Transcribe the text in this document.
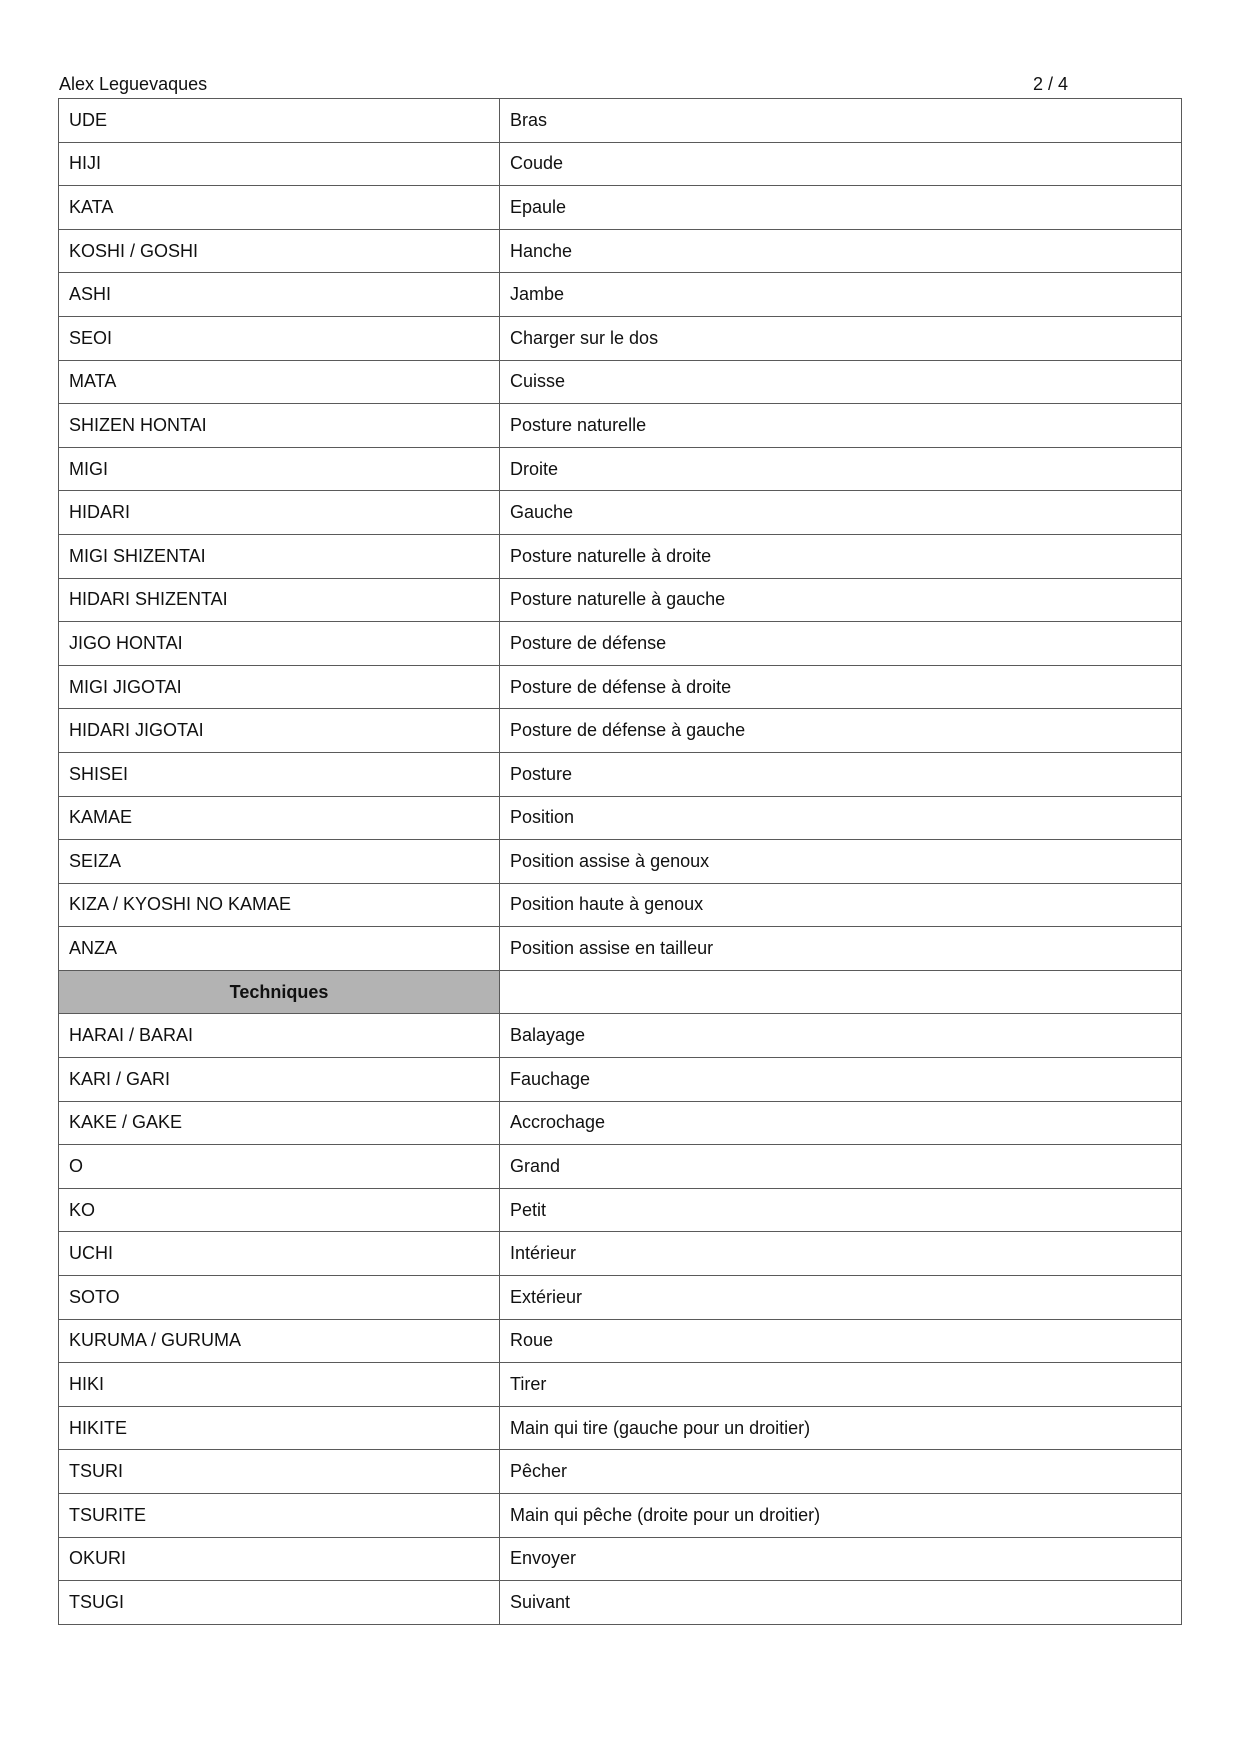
Alex Leguevaques	2 / 4
UDE	Bras
HIJI	Coude
KATA	Epaule
KOSHI / GOSHI	Hanche
ASHI	Jambe
SEOI	Charger sur le dos
MATA	Cuisse
SHIZEN HONTAI	Posture naturelle
MIGI	Droite
HIDARI	Gauche
MIGI SHIZENTAI	Posture naturelle à droite
HIDARI SHIZENTAI	Posture naturelle à gauche
JIGO HONTAI	Posture de défense
MIGI JIGOTAI	Posture de défense à droite
HIDARI JIGOTAI	Posture de défense à gauche
SHISEI	Posture
KAMAE	Position
SEIZA	Position assise à genoux
KIZA / KYOSHI NO KAMAE	Position haute à genoux
ANZA	Position assise en tailleur
Techniques	
HARAI / BARAI	Balayage
KARI / GARI	Fauchage
KAKE / GAKE	Accrochage
O	Grand
KO	Petit
UCHI	Intérieur
SOTO	Extérieur
KURUMA / GURUMA	Roue
HIKI	Tirer
HIKITE	Main qui tire (gauche pour un droitier)
TSURI	Pêcher
TSURITE	Main qui pêche (droite pour un droitier)
OKURI	Envoyer
TSUGI	Suivant
